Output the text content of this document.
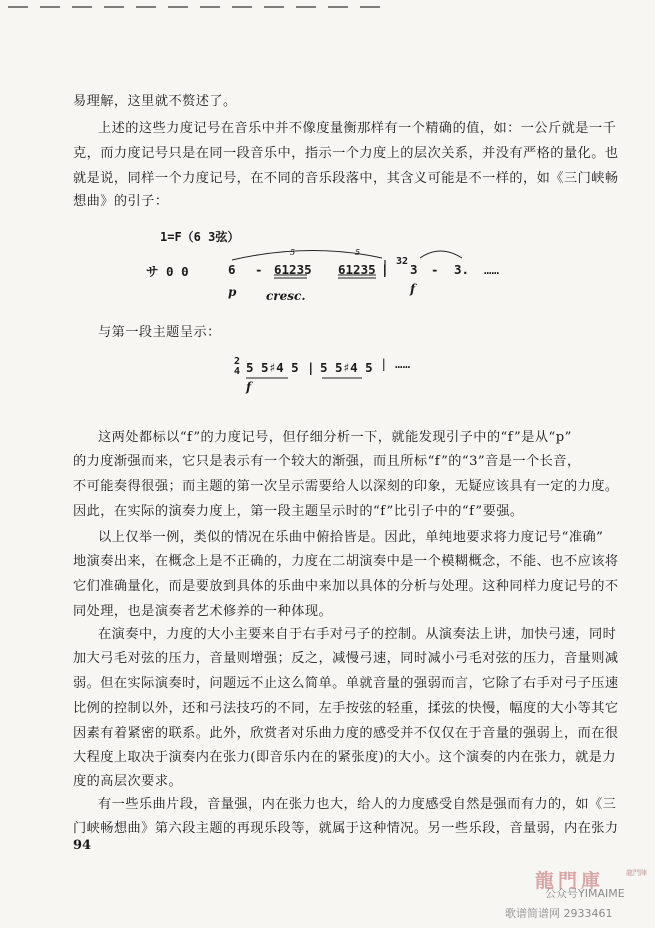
易理解，这里就不赘述了。
上述的这些力度记号在音乐中并不像度量衡那样有一个精确的值，如：一公斤就是一千
克，而力度记号只是在同一段音乐中，指示一个力度上的层次关系，并没有严格的量化。也
就是说，同样一个力度记号，在不同的音乐段落中，其含义可能是不一样的，如《三门峡畅
想曲》的引子：
1=F（6 3弦）
5	5
サ 0 0	6 - 61235 61235 |
32
3 - 3. ……
p cresc.	f
与第一段主题呈示：
2
4 5 5♯4 5 | 5 5♯4 5 | ……
f
这两处都标以“f”的力度记号，但仔细分析一下，就能发现引子中的“f”是从“p”
的力度渐强而来，它只是表示有一个较大的渐强，而且所标“f”的“3”音是一个长音，
不可能奏得很强；而主题的第一次呈示需要给人以深刻的印象，无疑应该具有一定的力度。
因此，在实际的演奏力度上，第一段主题呈示时的“f”比引子中的“f”要强。
以上仅举一例，类似的情况在乐曲中俯拾皆是。因此，单纯地要求将力度记号“准确”
地演奏出来，在概念上是不正确的，力度在二胡演奏中是一个模糊概念，不能、也不应该将
它们准确量化，而是要放到具体的乐曲中来加以具体的分析与处理。这种同样力度记号的不
同处理，也是演奏者艺术修养的一种体现。
在演奏中，力度的大小主要来自于右手对弓子的控制。从演奏法上讲，加快弓速，同时
加大弓毛对弦的压力，音量则增强；反之，减慢弓速，同时减小弓毛对弦的压力，音量则减
弱。但在实际演奏时，问题远不止这么简单。单就音量的强弱而言，它除了右手对弓子压速
比例的控制以外，还和弓法技巧的不同，左手按弦的轻重，揉弦的快慢，幅度的大小等其它
因素有着紧密的联系。此外，欣赏者对乐曲力度的感受并不仅仅在于音量的强弱上，而在很
大程度上取决于演奏内在张力(即音乐内在的紧张度)的大小。这个演奏的内在张力，就是力
度的高层次要求。
有一些乐曲片段，音量强，内在张力也大，给人的力度感受自然是强而有力的，如《三
门峡畅想曲》第六段主题的再现乐段等，就属于这种情况。另一些乐段，音量弱，内在张力
94
龍門庫	龍門陣
公众号YIMAIME
歌谱简谱网 2933461
